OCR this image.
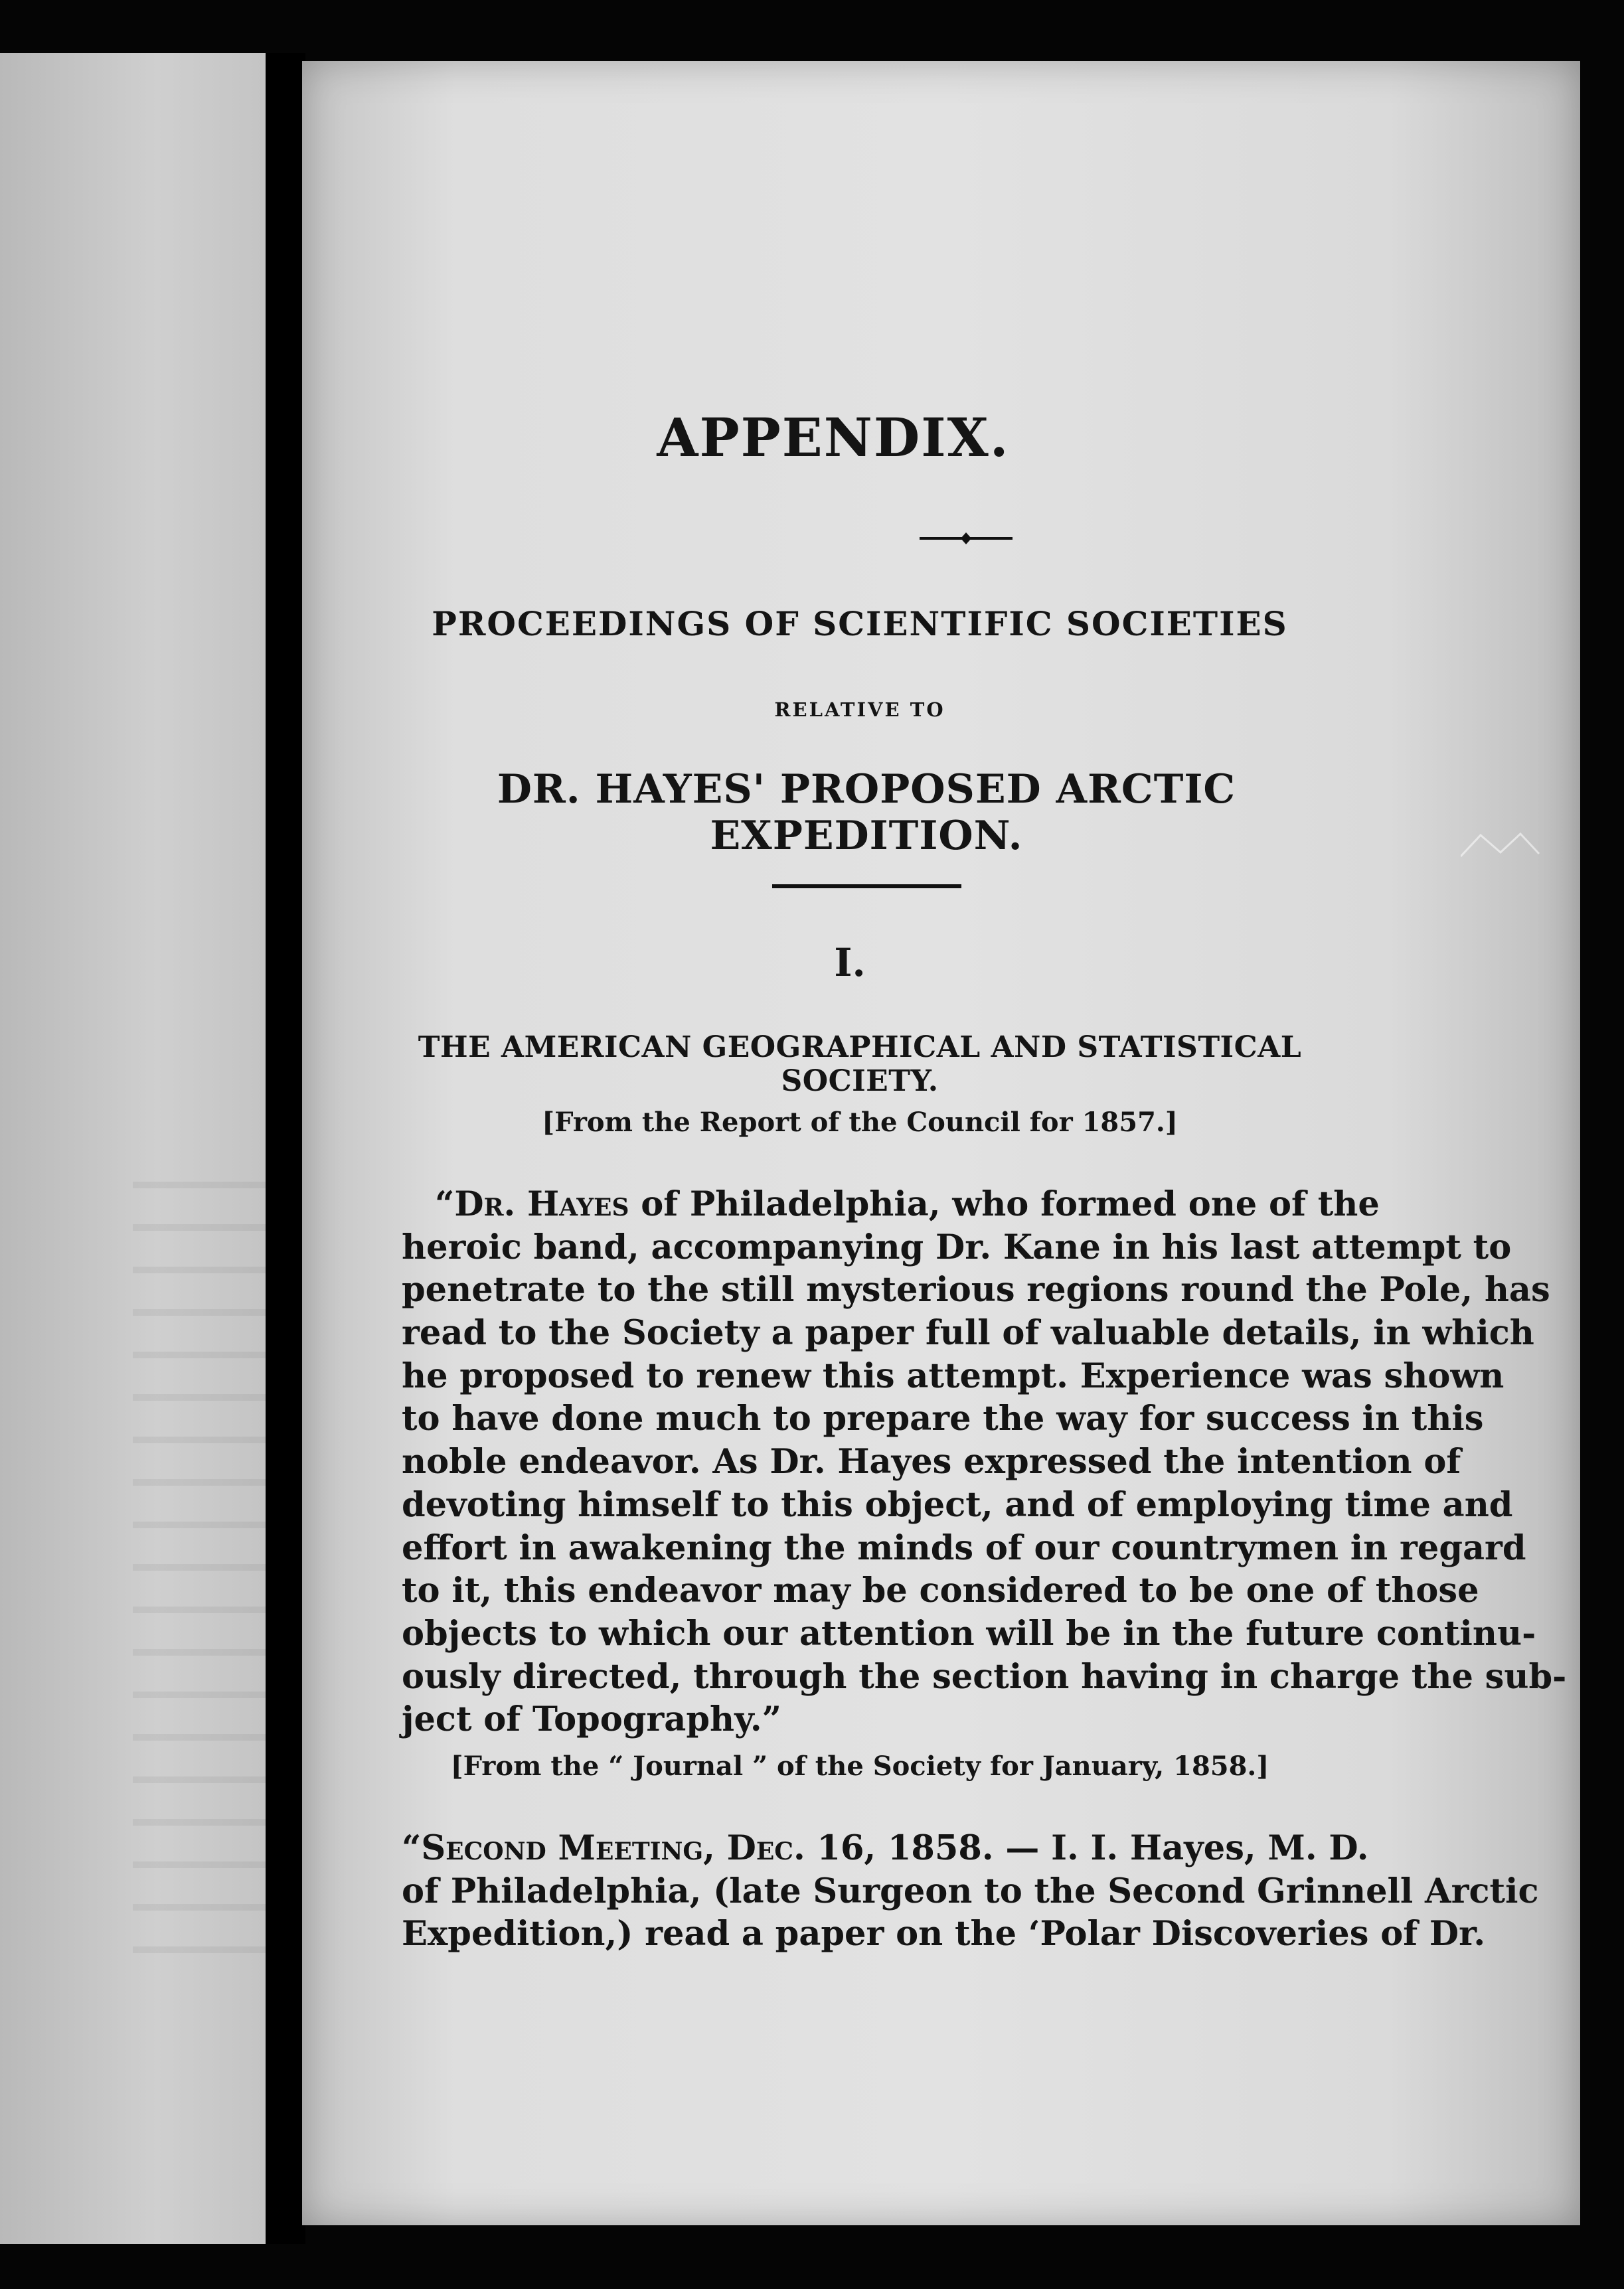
APPENDIX.
PROCEEDINGS OF SCIENTIFIC SOCIETIES
RELATIVE TO
DR. HAYES' PROPOSED ARCTIC EXPEDITION.
I.
THE AMERICAN GEOGRAPHICAL AND STATISTICAL SOCIETY.
[From the Report of the Council for 1857.]
“Dr. Hayes of Philadelphia, who formed one of the
heroic band, accompanying Dr. Kane in his last attempt to
penetrate to the still mysterious regions round the Pole, has
read to the Society a paper full of valuable details, in which
he proposed to renew this attempt. Experience was shown
to have done much to prepare the way for success in this
noble endeavor. As Dr. Hayes expressed the intention of
devoting himself to this object, and of employing time and
effort in awakening the minds of our countrymen in regard
to it, this endeavor may be considered to be one of those
objects to which our attention will be in the future continu-
ously directed, through the section having in charge the sub-
ject of Topography.”
[From the “ Journal ” of the Society for January, 1858.]
“Second Meeting, Dec. 16, 1858. — I. I. Hayes, M. D.
of Philadelphia, (late Surgeon to the Second Grinnell Arctic
Expedition,) read a paper on the ‘Polar Discoveries of Dr.
